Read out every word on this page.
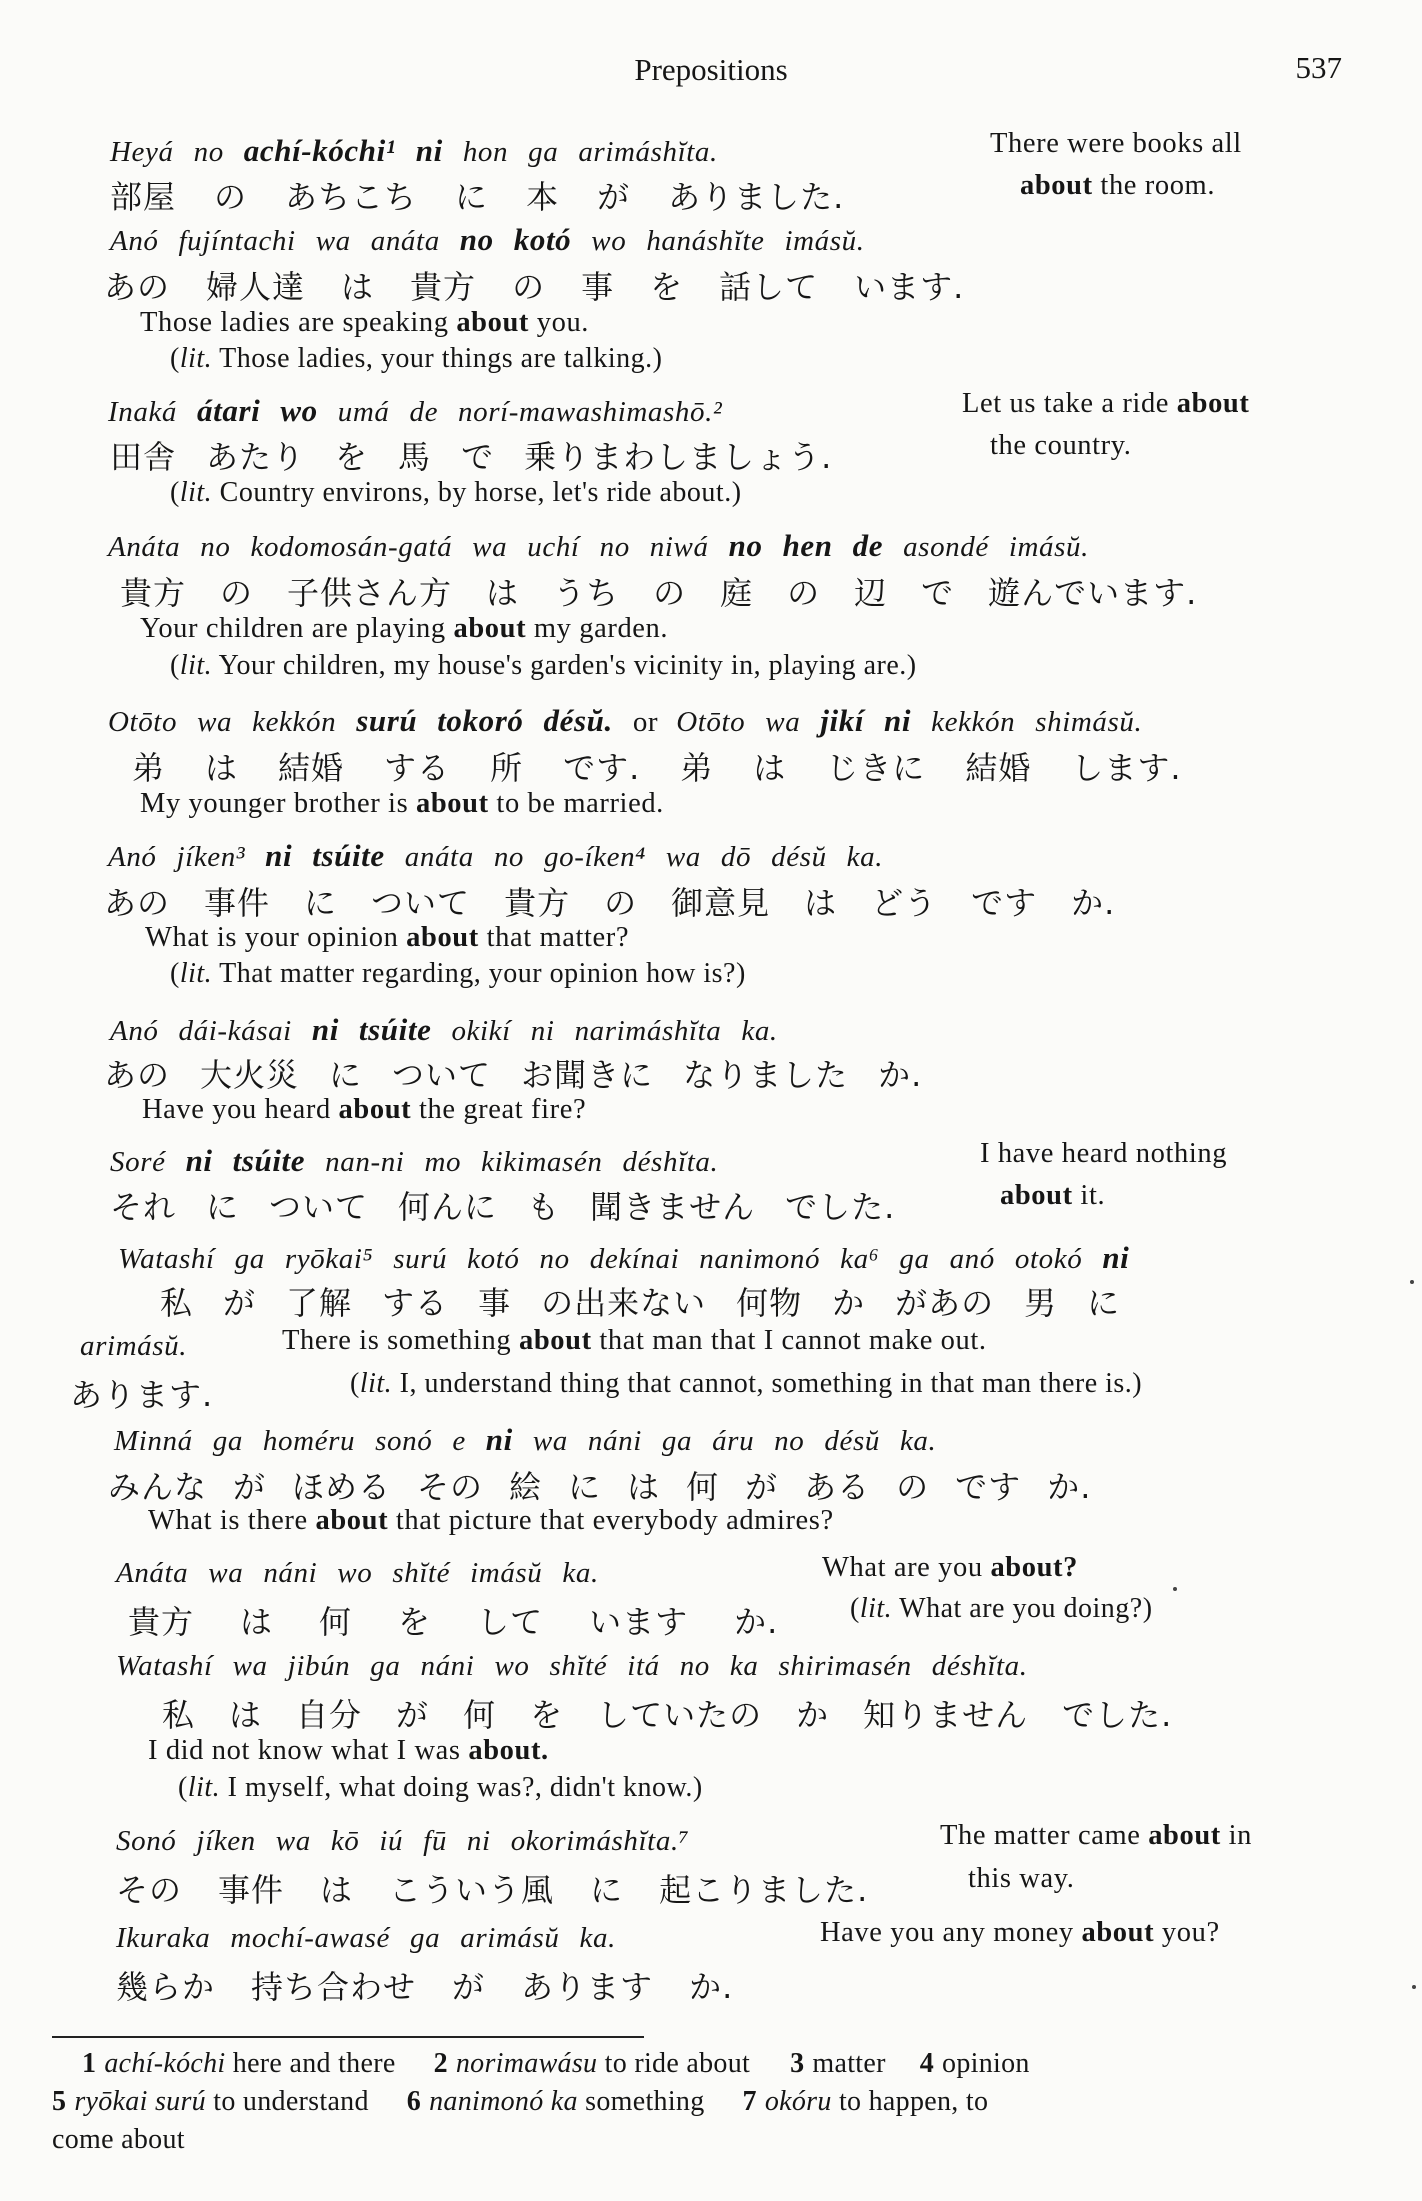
Prepositions	537
Heyá no achí-kóchi¹ ni hon ga arimáshĭta.
部屋 の あちこち に 本 が ありました.
There were books all
about the room.
Anó fujíntachi wa anáta no kotó wo hanáshĭte imásŭ.
あの 婦人達 は 貴方 の 事 を 話して います.
Those ladies are speaking about you.
(lit. Those ladies, your things are talking.)
Inaká átari wo umá de norí-mawashimashō.²
田舎 あたり を 馬 で 乗りまわしましょう.
Let us take a ride about
the country.
(lit. Country environs, by horse, let's ride about.)
Anáta no kodomosán-gatá wa uchí no niwá no hen de asondé imásŭ.
貴方 の 子供さん方 は うち の 庭 の 辺 で 遊んでいます.
Your children are playing about my garden.
(lit. Your children, my house's garden's vicinity in, playing are.)
Otōto wa kekkón surú tokoró désŭ. or Otōto wa jikí ni kekkón shimásŭ.
弟 は 結婚 する 所 です. 弟 は じきに 結婚 します.
My younger brother is about to be married.
Anó jíken³ ni tsúite anáta no go-íken⁴ wa dō désŭ ka.
あの 事件 に ついて 貴方 の 御意見 は どう です か.
What is your opinion about that matter?
(lit. That matter regarding, your opinion how is?)
Anó dái-kásai ni tsúite okikí ni narimáshĭta ka.
あの 大火災 に ついて お聞きに なりました か.
Have you heard about the great fire?
Soré ni tsúite nan-ni mo kikimasén déshĭta.
それ に ついて 何んに も 聞きません でした.
I have heard nothing
about it.
Watashí ga ryōkai⁵ surú kotó no dekínai nanimonó ka⁶ ga anó otokó ni
私 が 了解 する 事 の出来ない 何物 か があの 男 に
arimásŭ.	There is something about that man that I cannot make out.
あります.	(lit. I, understand thing that cannot, something in that man there is.)
Minná ga homéru sonó e ni wa náni ga áru no désŭ ka.
みんな が ほめる その 絵 に は 何 が ある の です か.
What is there about that picture that everybody admires?
Anáta wa náni wo shĭté imásŭ ka.
貴方 は 何 を して います か.
What are you about?
(lit. What are you doing?)
Watashí wa jibún ga náni wo shĭté itá no ka shirimasén déshĭta.
私 は 自分 が 何 を していたの か 知りません でした.
I did not know what I was about.
(lit. I myself, what doing was?, didn't know.)
Sonó jíken wa kō iú fū ni okorimáshĭta.⁷
その 事件 は こういう風 に 起こりました.
The matter came about in
this way.
Ikuraka mochí-awasé ga arimásŭ ka.
幾らか 持ち合わせ が あります か.
Have you any money about you?
1 achí-kóchi here and there 2 norimawásu to ride about 3 matter 4 opinion
5 ryōkai surú to understand 6 nanimonó ka something 7 okóru to happen, to
come about
